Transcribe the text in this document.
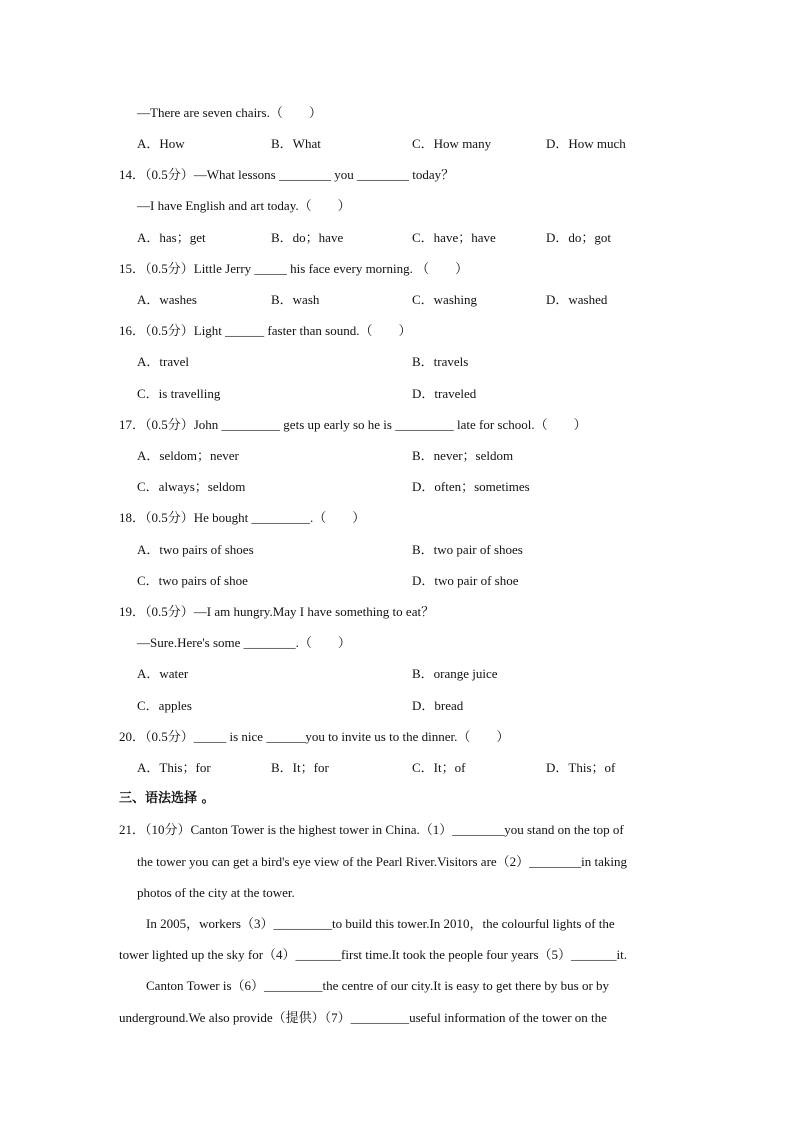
—There are seven chairs.（　　）
A．How	B．What	C．How many	D．How much
14．（0.5分）—What lessons ________ you ________ today？
—I have English and art today.（　　）
A．has；get	B．do；have	C．have；have	D．do；got
15．（0.5分）Little Jerry _____ his face every morning. （　　）
A．washes	B．wash	C．washing	D．washed
16．（0.5分）Light ______ faster than sound.（　　）
A．travel	B．travels
C．is travelling	D．traveled
17．（0.5分）John _________ gets up early so he is _________ late for school.（　　）
A．seldom；never	B．never；seldom
C．always；seldom	D．often；sometimes
18．（0.5分）He bought _________.（　　）
A．two pairs of shoes	B．two pair of shoes
C．two pairs of shoe	D．two pair of shoe
19．（0.5分）—I am hungry.May I have something to eat？
—Sure.Here's some ________.（　　）
A．water	B．orange juice
C．apples	D．bread
20．（0.5分）_____ is nice ______you to invite us to the dinner.（　　）
A．This；for	B．It；for	C．It；of	D．This；of
三、语法选择 。
21．（10分）Canton Tower is the highest tower in China.（1）________you stand on the top of
the tower you can get a bird's eye view of the Pearl River.Visitors are（2）________in taking
photos of the city at the tower.
In 2005，workers（3）_________to build this tower.In 2010，the colourful lights of the
tower lighted up the sky for（4）_______first time.It took the people four years（5）_______it.
Canton Tower is（6）_________the centre of our city.It is easy to get there by bus or by
underground.We also provide（提供）（7）_________useful information of the tower on the
